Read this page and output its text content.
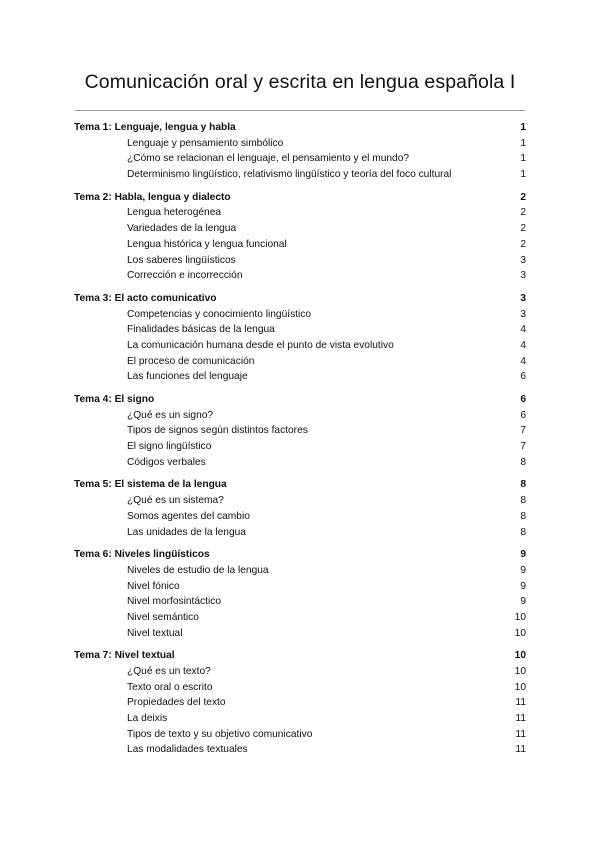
Comunicación oral y escrita en lengua española I
Tema 1: Lenguaje, lengua y habla	1
Lenguaje y pensamiento simbólico	1
¿Cómo se relacionan el lenguaje, el pensamiento y el mundo?	1
Determinismo lingüístico, relativismo lingüístico y teoría del foco cultural	1
Tema 2: Habla, lengua y dialecto	2
Lengua heterogénea	2
Variedades de la lengua	2
Lengua histórica y lengua funcional	2
Los saberes lingüísticos	3
Corrección e incorrección	3
Tema 3: El acto comunicativo	3
Competencias y conocimiento lingüístico	3
Finalidades básicas de la lengua	4
La comunicación humana desde el punto de vista evolutivo	4
El proceso de comunicación	4
Las funciones del lenguaje	6
Tema 4: El signo	6
¿Qué es un signo?	6
Tipos de signos según distintos factores	7
El signo lingüístico	7
Códigos verbales	8
Tema 5: El sistema de la lengua	8
¿Qué es un sistema?	8
Somos agentes del cambio	8
Las unidades de la lengua	8
Tema 6: Niveles lingüísticos	9
Niveles de estudio de la lengua	9
Nivel fónico	9
Nivel morfosintáctico	9
Nivel semántico	10
Nivel textual	10
Tema 7: Nivel textual	10
¿Qué es un texto?	10
Texto oral o escrito	10
Propiedades del texto	11
La deixis	11
Tipos de texto y su objetivo comunicativo	11
Las modalidades textuales	11
